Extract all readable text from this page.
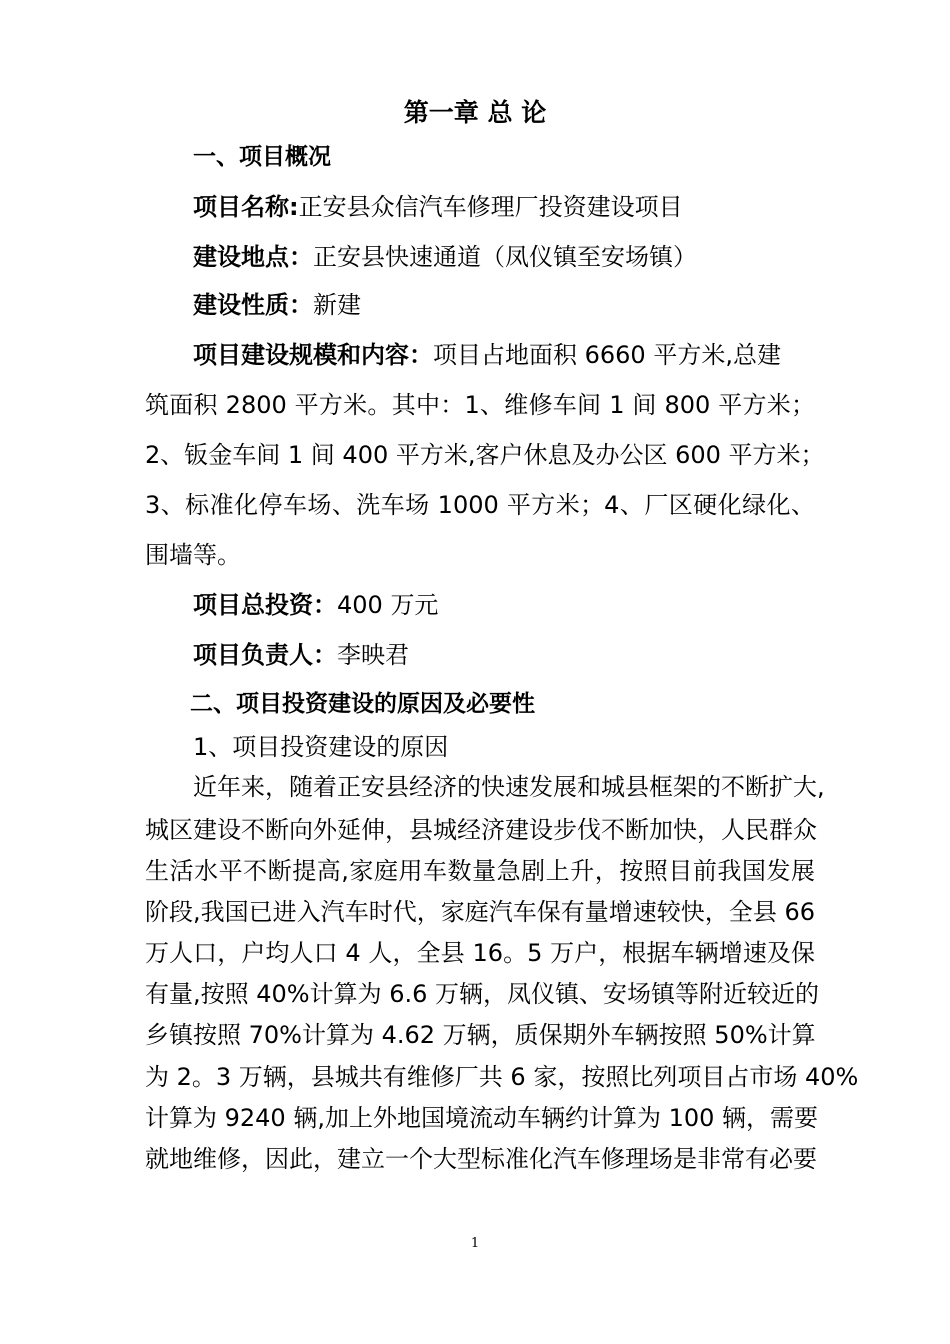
第一章 总 论
一、项目概况
项目名称:正安县众信汽车修理厂投资建设项目
建设地点：正安县快速通道（凤仪镇至安场镇）
建设性质：新建
项目建设规模和内容：项目占地面积 6660 平方米,总建
筑面积 2800 平方米。其中：1、维修车间 1 间 800 平方米；
2、钣金车间 1 间 400 平方米,客户休息及办公区 600 平方米；
3、标准化停车场、洗车场 1000 平方米；4、厂区硬化绿化、
围墙等。
项目总投资：400 万元
项目负责人：李映君
二、项目投资建设的原因及必要性
1、项目投资建设的原因
近年来，随着正安县经济的快速发展和城县框架的不断扩大,
城区建设不断向外延伸，县城经济建设步伐不断加快，人民群众
生活水平不断提高,家庭用车数量急剧上升，按照目前我国发展
阶段,我国已进入汽车时代，家庭汽车保有量增速较快，全县 66
万人口，户均人口 4 人，全县 16。5 万户，根据车辆增速及保
有量,按照 40%计算为 6.6 万辆，凤仪镇、安场镇等附近较近的
乡镇按照 70%计算为 4.62 万辆，质保期外车辆按照 50%计算
为 2。3 万辆，县城共有维修厂共 6 家，按照比列项目占市场 40%
计算为 9240 辆,加上外地国境流动车辆约计算为 100 辆，需要
就地维修，因此，建立一个大型标准化汽车修理场是非常有必要
1
